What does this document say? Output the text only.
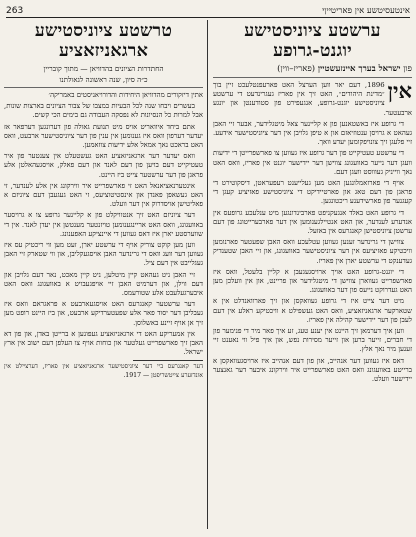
263	אינטעסיטשע אין פאריטייןי
ערשטע ציוניסטישע יוגנט-גרופע
פון ישראל בערך איינזעשטיין (פאריז–ווין)

אין
1896, דעם יאר ווען הערצל האט פארעפנטלעכט זיין בוך ״מדינת היהודים״, האט זיך אין פאריז געגרינדעט די ערשטע ציוניסטישע יוגנט-גרופע, אנגעפירט פון סטודענטן און יונגע ארבעטער.

די גרופע איז באשטאנען פון א קליינער צאל מיטגלידער, אבער זיי האבן געהאט א גרויסן ענטוזיאזם און א טיפן גלויבן אין דער ציוניסטישער אידעע. זיי פלעגן זיך צונויפקומען יעדע וואך.

די ערשטע טעטיקייט פון דער גרופע איז געווען צו פארשפרייטן די ידיעות וועגן דער נייער באוועגונג צווישן דער יידישער יוגנט אין פאריז, וואס האט נאך ווייניק געוווסט וועגן דעם.

אויף די פארזאמלונגען האט מען געלייענט רעפעראטן, דיסקוטירט די פראגן פון דעם טאג און פארטיידיקט די ציוניסטישע פאזיציע קעגן די קעגנער פון פארשידענע ריכטונגען.

די גרופע האט באלד אנגעקניפט פארבינדונגען מיט ענלעכע גרופעס אין אנדערע לענדער, און האט אנטיילגענומען אין דער פארבערייטונג פון דעם ערשטן ציוניסטישן קאנגרעס אין באזעל.

צווישן די גרינדער זענען געווען עטלעכע וואס האבן שפעטער פארנומען וויכטיקע פאזיציעס אין דער ציוניסטישער באוועגונג, און זיי האבן שטענדיק געדענקט די ערשטע יארן אין פאריז.

די יוגנט-גרופע האט אויך ארויסגעגעבן א קליין בלעטל, וואס איז פארשפרייט געווארן צווישן די מיטגלידער און פריינט, און אין וועלכן מען האט געדרוקט נייעס פון דער באוועגונג.

מיט דער צייט איז די גרופע געוואקסן און זיך פארוואנדלט אין א שטארקער ארגאניזאציע, וואס האט געשפילט א וויכטיקע ראלע אין דעם לעבן פון דער יידישער קהילה אין פאריז.

ווען איך דערמאן זיך היינט אין יענע טעג, זע איך פאר מיר די פנימער פון די חברים, זייער ברען און זייער מסירות נפש, און איך פיל ווי נאענט זיי זענען מיר נאך אלץ.

דאס איז געווען דער אנהייב, און פון דעם אנהייב איז ארויסגעוואקסן א ברייטע באוועגונג וואס האט פארשפרייט איר ווירקונג איבער דער גאנצער יידישער וועלט.

טרשטע ציוניסטישע ארגאניזאציע
החתדרות הציונים בהדוויאן — מתוך קובריין
כ״ה סיון, שנה ראשונה לגאולתנו

אתין דיזקורים מהדוויאן היחידות והדורויאניסטים באמריקה׳

בעשרים ויבחו שנה לכל הבעיות במצבו של צבור הציונים בארצות שונות, אבל למרות כל הנסיונות לא נפסקה העבודה גם בימים הכי קשים.

אתם ביחד איוואריט אויס מיט תנועת גאולה פון דערונגען דערפאר אז יעדער דערפון וואס איז גענומען אין ענין פון דער ציוניסטישער ארבעט, וואס האט בראכט נאך אמאל אלע ידיעות צוזאמען.

וואס יעדער דער ארגאניזאציע האט געשטעלט אין צענטער פון איר טעטיקייט דעם בויען פון דעם לאנד און דעם פאלק, אויסגעהאלטן אלע פראגן פון דער ערשטער צייט ביז היינט.

אינטערנאציאנאל האט זי פארשפרייט איר ווירקונג אין אלע לענדער, זי האט געשאפן פאנדן און אינסטיטוציעס, זי האט געגעבן דעם ציוניזם א פאליטישן אויסדרוק אין דער וועלט.

דער ציוניזם האט זיך אנטוויקלט פון א קליינער גרופע צו א גרויסער באוועגונג, וואס האט אריינגענומען טויזנטער מענטשן אין יעדן לאנד. אין די שווערסטע יארן איז דאס געווען די איינציקע האפענונג.

ווען מען קוקט צוריק אויף די ערשטע יארן, זעט מען ווי ריכטיק עס איז געווען דער וועג וואס די גרינדער האבן אויסגעקליבן, און ווי שטארק זיי האבן געגלייבט אין דעם ציל.

זיי האבן ניט געהאט קיין מיטלען, ניט קיין מאכט, נאר דעם גלויבן און דעם ווילן, און דערמיט האבן זיי אויפגעבויט א באוועגונג וואס האט איבערגעלעבט אלע שטורעמס.

דער ערשטער קאנגרעס האט אויסגעארבעט א פראגראם וואס איז געבליבן דער יסוד פאר אלע שפעטערדיקע ארבעט, און ביז היינט רופט מען זיך אן אויף זיינע באשלוסן.

אין אמעריקע האט די ארגאניזאציע געפונען א ברייטן באדן, און פון דא האבן זיך פארשפרייט געלטער און כוחות אויף צו העלפן דעם ישוב אין ארץ ישראל.

דער קאנגרעס ביי דער ציוניסטישער ארגאניזאציע אין פאריז, דערצײלט אין אונדזערע צייטשריפטן — 1917.
